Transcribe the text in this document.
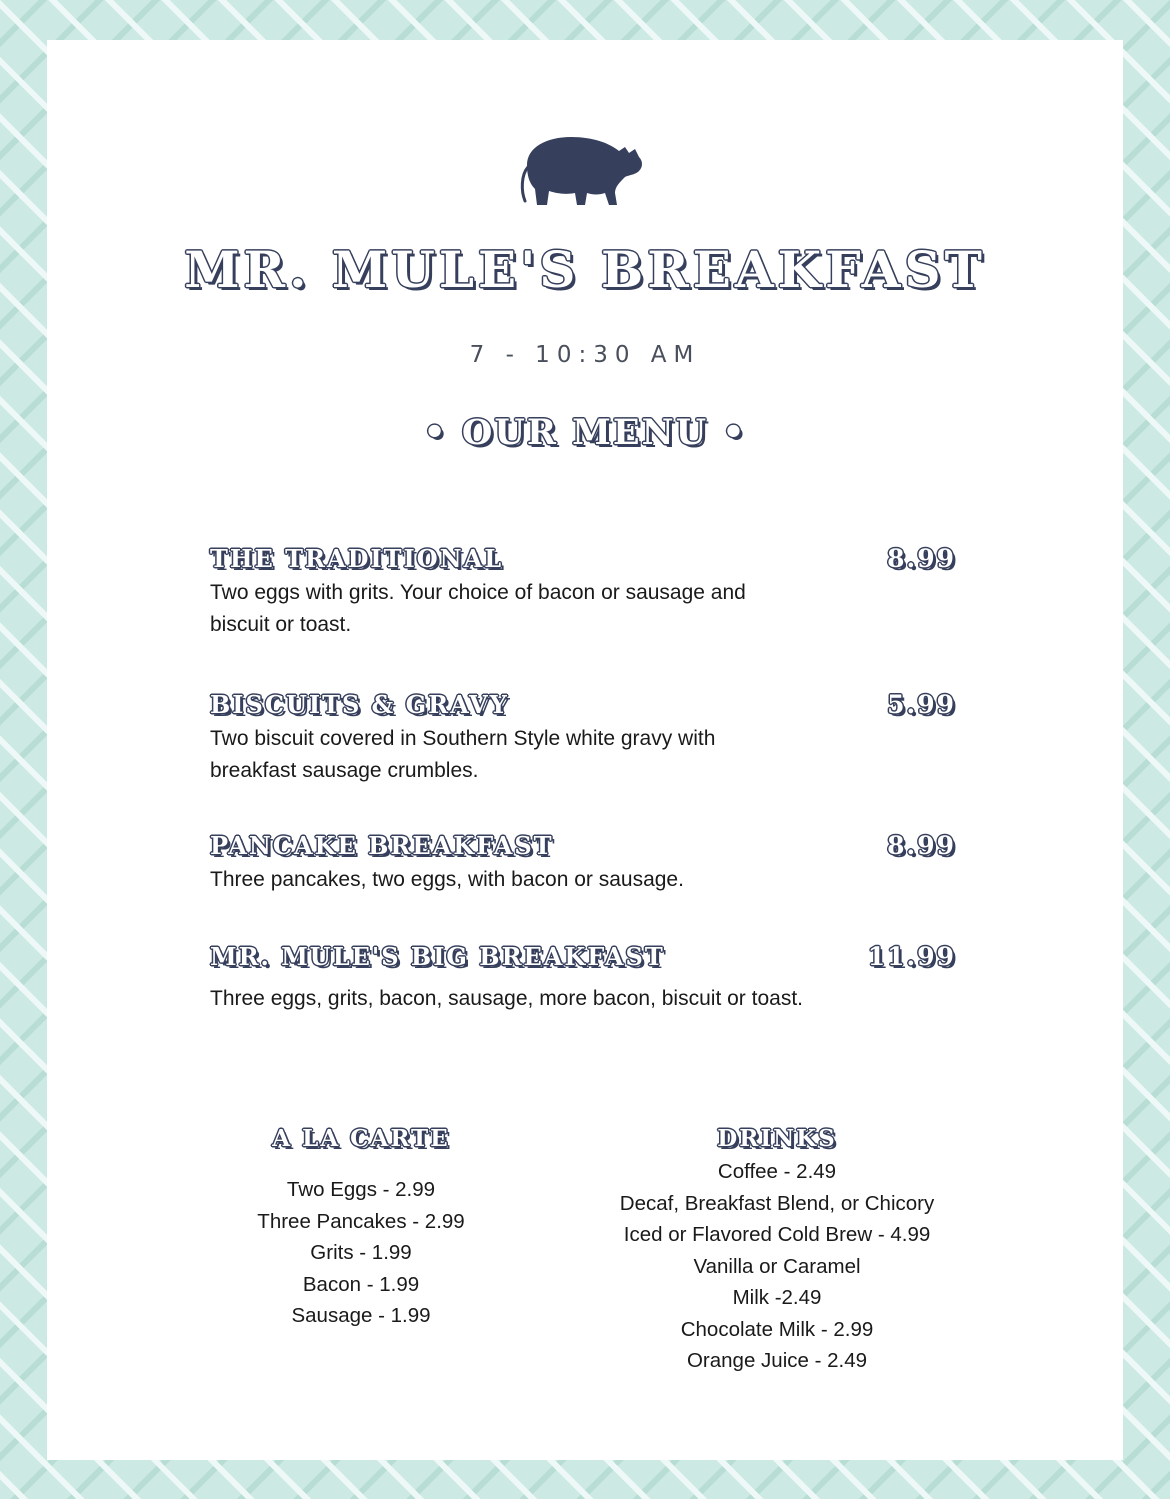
MR. MULE'S BREAKFAST
7 - 10:30 AM
• OUR MENU •
THE TRADITIONAL	8.99

Two eggs with grits. Your choice of bacon or sausage and biscuit or toast.

BISCUITS & GRAVY	5.99

Two biscuit covered in Southern Style white gravy with breakfast sausage crumbles.

PANCAKE BREAKFAST	8.99

Three pancakes, two eggs, with bacon or sausage.

MR. MULE'S BIG BREAKFAST	11.99

Three eggs, grits, bacon, sausage, more bacon, biscuit or toast.

A LA CARTE
Two Eggs - 2.99
Three Pancakes - 2.99
Grits - 1.99
Bacon - 1.99
Sausage - 1.99
DRINKS
Coffee - 2.49
Decaf, Breakfast Blend, or Chicory
Iced or Flavored Cold Brew - 4.99
Vanilla or Caramel
Milk -2.49
Chocolate Milk - 2.99
Orange Juice - 2.49
